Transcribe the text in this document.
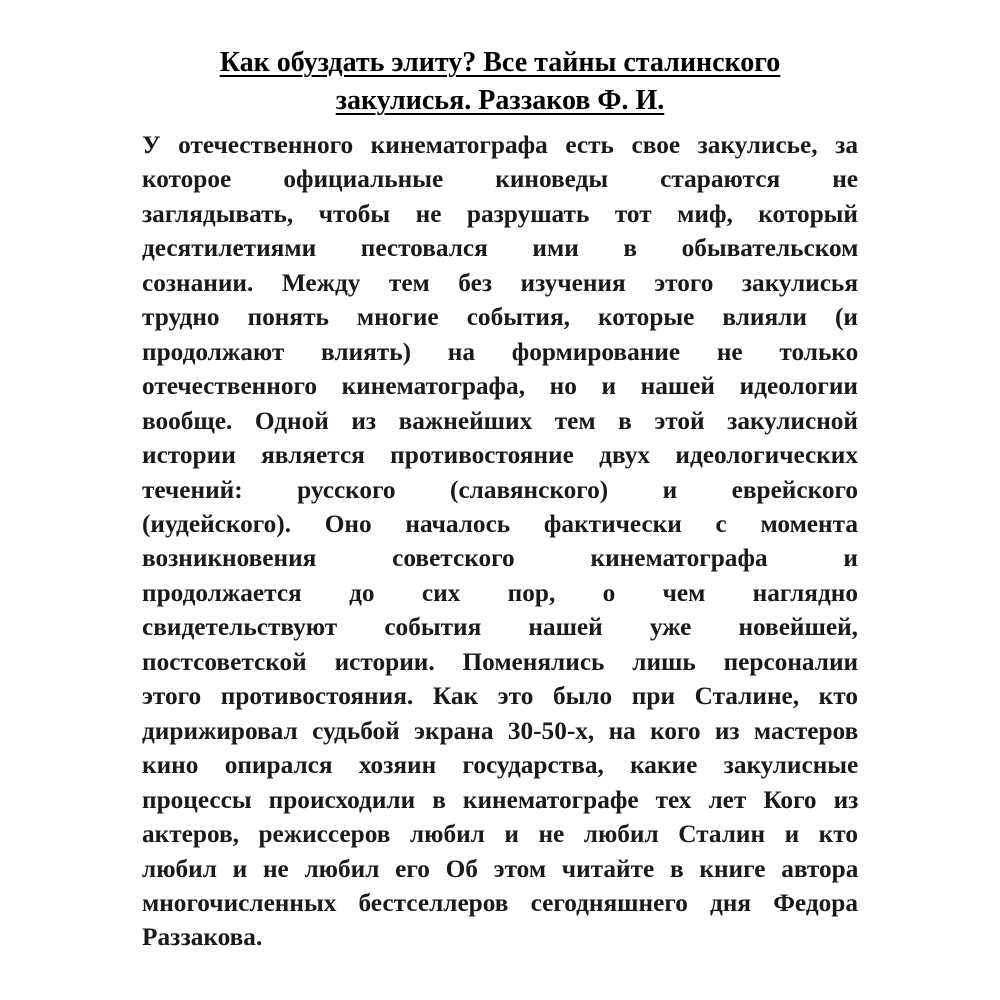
Как обуздать элиту? Все тайны сталинского
закулисья. Раззаков Ф. И.
У отечественного кинематографа есть свое закулисье, за
которое официальные киноведы стараются не
заглядывать, чтобы не разрушать тот миф, который
десятилетиями пестовался ими в обывательском
сознании. Между тем без изучения этого закулисья
трудно понять многие события, которые влияли (и
продолжают влиять) на формирование не только
отечественного кинематографа, но и нашей идеологии
вообще. Одной из важнейших тем в этой закулисной
истории является противостояние двух идеологических
течений: русского (славянского) и еврейского
(иудейского). Оно началось фактически с момента
возникновения советского кинематографа и
продолжается до сих пор, о чем наглядно
свидетельствуют события нашей уже новейшей,
постсоветской истории. Поменялись лишь персоналии
этого противостояния. Как это было при Сталине, кто
дирижировал судьбой экрана 30-50-х, на кого из мастеров
кино опирался хозяин государства, какие закулисные
процессы происходили в кинематографе тех лет Кого из
актеров, режиссеров любил и не любил Сталин и кто
любил и не любил его Об этом читайте в книге автора
многочисленных бестселлеров сегодняшнего дня Федора
Раззакова.
